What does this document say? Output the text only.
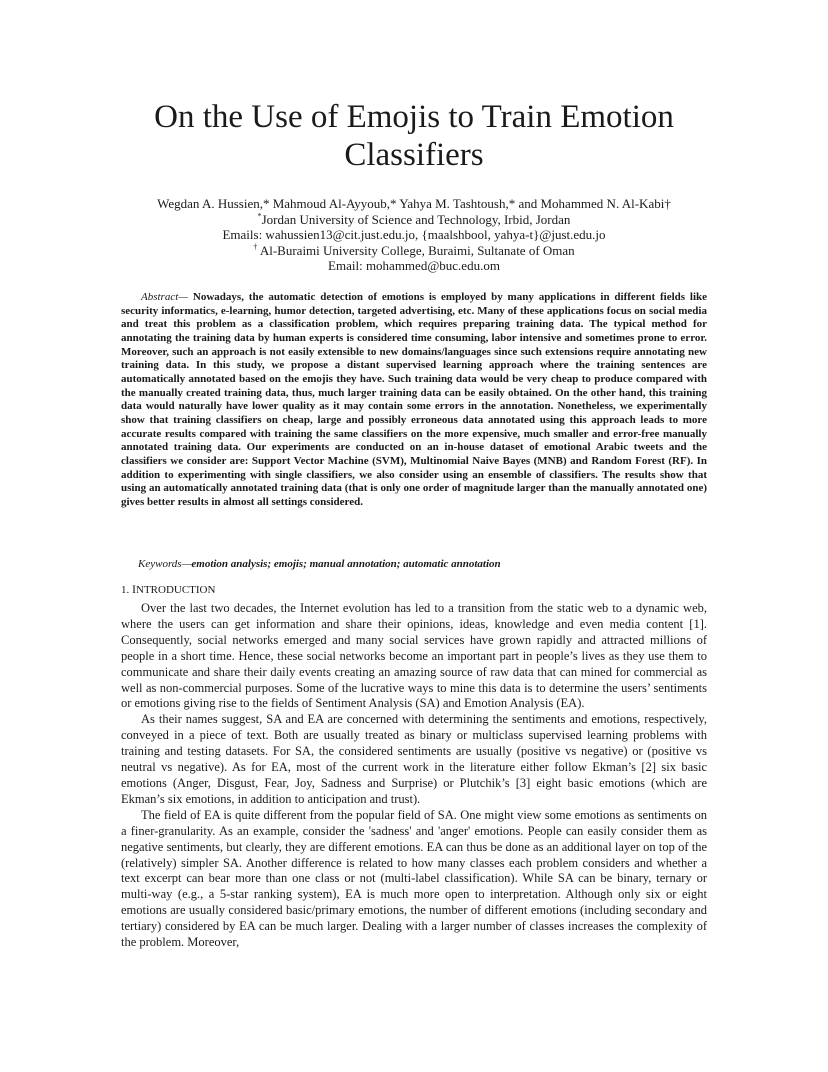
On the Use of Emojis to Train Emotion Classifiers
Wegdan A. Hussien,* Mahmoud Al-Ayyoub,* Yahya M. Tashtoush,* and Mohammed N. Al-Kabi†
*Jordan University of Science and Technology, Irbid, Jordan
Emails: wahussien13@cit.just.edu.jo, {maalshbool, yahya-t}@just.edu.jo
† Al-Buraimi University College, Buraimi, Sultanate of Oman
Email: mohammed@buc.edu.om

Abstract— Nowadays, the automatic detection of emotions is employed by many applications in different fields like security informatics, e-learning, humor detection, targeted advertising, etc. Many of these applications focus on social media and treat this problem as a classification problem, which requires preparing training data. The typical method for annotating the training data by human experts is considered time consuming, labor intensive and sometimes prone to error. Moreover, such an approach is not easily extensible to new domains/languages since such extensions require annotating new training data. In this study, we propose a distant supervised learning approach where the training sentences are automatically annotated based on the emojis they have. Such training data would be very cheap to produce compared with the manually created training data, thus, much larger training data can be easily obtained. On the other hand, this training data would naturally have lower quality as it may contain some errors in the annotation. Nonetheless, we experimentally show that training classifiers on cheap, large and possibly erroneous data annotated using this approach leads to more accurate results compared with training the same classifiers on the more expensive, much smaller and error-free manually annotated training data. Our experiments are conducted on an in-house dataset of emotional Arabic tweets and the classifiers we consider are: Support Vector Machine (SVM), Multinomial Naive Bayes (MNB) and Random Forest (RF). In addition to experimenting with single classifiers, we also consider using an ensemble of classifiers. The results show that using an automatically annotated training data (that is only one order of magnitude larger than the manually annotated one) gives better results in almost all settings considered.

Keywords—emotion analysis; emojis; manual annotation; automatic annotation
1. INTRODUCTION

Over the last two decades, the Internet evolution has led to a transition from the static web to a dynamic web, where the users can get information and share their opinions, ideas, knowledge and even media content [1]. Consequently, social networks emerged and many social services have grown rapidly and attracted millions of people in a short time. Hence, these social networks become an important part in people’s lives as they use them to communicate and share their daily events creating an amazing source of raw data that can mined for commercial as well as non-commercial purposes. Some of the lucrative ways to mine this data is to determine the users’ sentiments or emotions giving rise to the fields of Sentiment Analysis (SA) and Emotion Analysis (EA).

As their names suggest, SA and EA are concerned with determining the sentiments and emotions, respectively, conveyed in a piece of text. Both are usually treated as binary or multiclass supervised learning problems with training and testing datasets. For SA, the considered sentiments are usually (positive vs negative) or (positive vs neutral vs negative). As for EA, most of the current work in the literature either follow Ekman’s [2] six basic emotions (Anger, Disgust, Fear, Joy, Sadness and Surprise) or Plutchik’s [3] eight basic emotions (which are Ekman’s six emotions, in addition to anticipation and trust).

The field of EA is quite different from the popular field of SA. One might view some emotions as sentiments on a finer-granularity. As an example, consider the 'sadness' and 'anger' emotions. People can easily consider them as negative sentiments, but clearly, they are different emotions. EA can thus be done as an additional layer on top of the (relatively) simpler SA. Another difference is related to how many classes each problem considers and whether a text excerpt can bear more than one class or not (multi-label classification). While SA can be binary, ternary or multi-way (e.g., a 5-star ranking system), EA is much more open to interpretation. Although only six or eight emotions are usually considered basic/primary emotions, the number of different emotions (including secondary and tertiary) considered by EA can be much larger. Dealing with a larger number of classes increases the complexity of the problem. Moreover,
